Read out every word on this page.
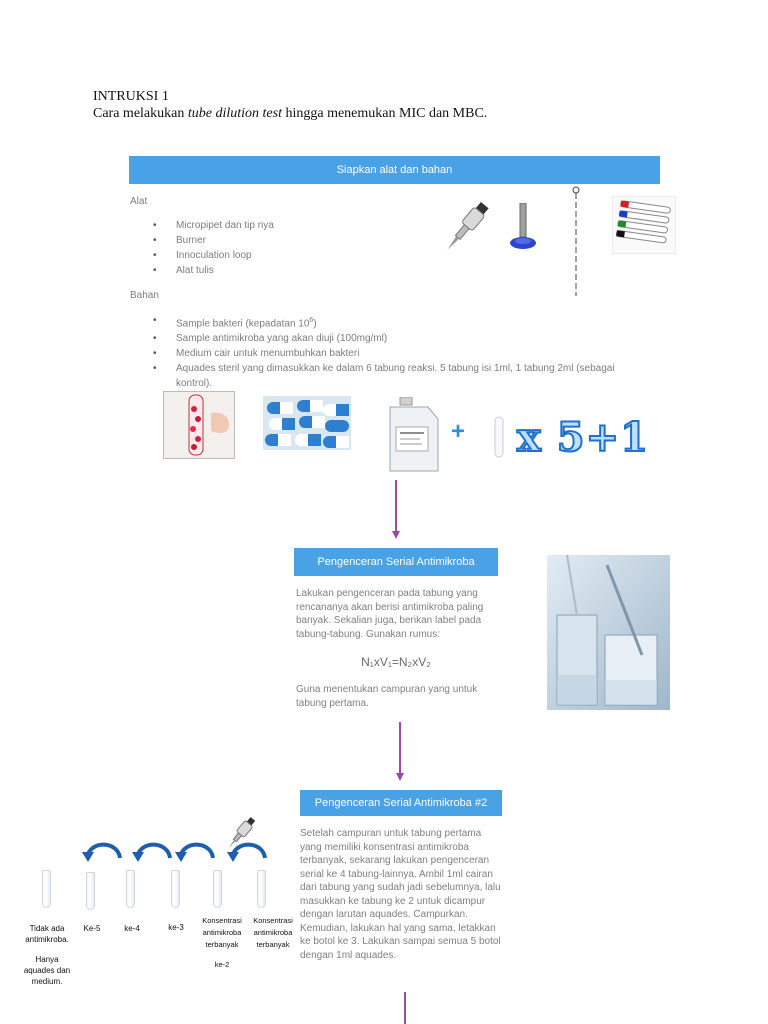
INTRUKSI 1
Cara melakukan tube dilution test hingga menemukan MIC dan MBC.
Siapkan alat dan bahan
Alat
• Micropipet dan tip nya
• Burner
• Innoculation loop
• Alat tulis
Bahan
• Sample bakteri (kepadatan $10^6$)
• Sample antimikroba yang akan diuji (100mg/ml)
• Medium cair untuk menumbuhkan bakteri
• Aquades steril yang dimasukkan ke dalam 6 tabung reaksi. 5 tabung isi 1ml, 1 tabung 2ml (sebagai kontrol).
+ x 5+1
Pengenceran Serial Antimikroba
Lakukan pengenceran pada tabung yang rencananya akan berisi antimikroba paling banyak. Sekalian juga, berikan label pada tabung-tabung. Gunakan rumus:
N₁xV₁=N₂xV₂
Guna menentukan campuran yang untuk tabung pertama.
Pengenceran Serial Antimikroba #2
Setelah campuran untuk tabung pertama yang memiliki konsentrasi antimikroba terbanyak, sekarang lakukan pengenceran serial ke 4 tabung-lainnya. Ambil 1ml cairan dari tabung yang sudah jadi sebelumnya, lalu masukkan ke tabung ke 2 untuk dicampur dengan larutan aquades. Campurkan. Kemudian, lakukan hal yang sama, letakkan ke botol ke 3. Lakukan sampai semua 5 botol dengan 1ml aquades.
Tidak ada
antimikroba.
Hanya
aquades dan
medium.
Ke-5	ke-4	ke-3
Konsentrasi
antimikroba
terbanyak
ke-2
Konsentrasi
antimikroba
terbanyak
